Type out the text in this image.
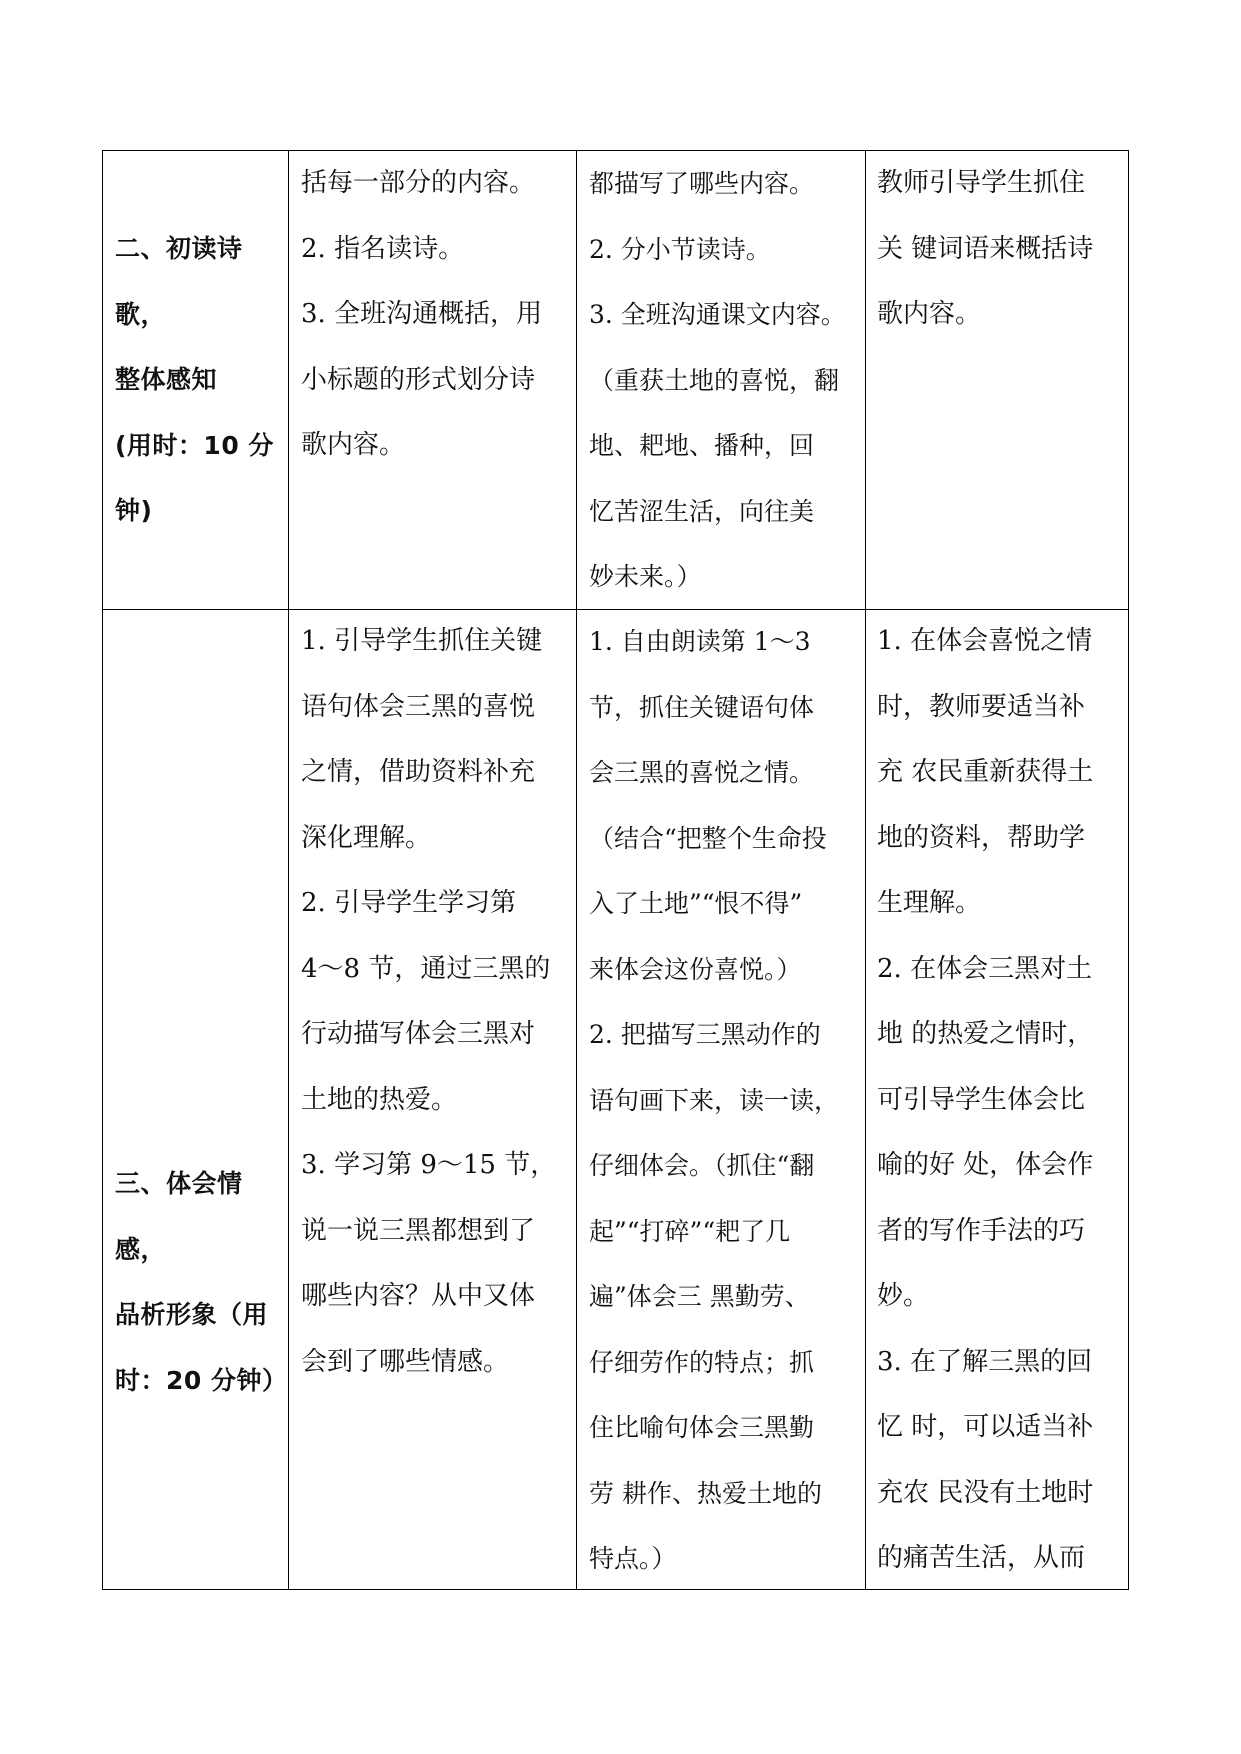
二、初读诗歌，

整体感知

(用时：10 分

钟)

括每一部分的内容。

2. 指名读诗。

3. 全班沟通概括，用

小标题的形式划分诗

歌内容。

都描写了哪些内容。

2. 分小节读诗。

3. 全班沟通课文内容。

（重获土地的喜悦，翻

地、耙地、播种，回

忆苦涩生活，向往美

妙未来。）

教师引导学生抓住

关 键词语来概括诗

歌内容。

三、体会情感，

品析形象（用

时：20 分钟）

1. 引导学生抓住关键

语句体会三黑的喜悦

之情，借助资料补充

深化理解。

2. 引导学生学习第

4～8 节，通过三黑的

行动描写体会三黑对

土地的热爱。

3. 学习第 9～15 节，

说一说三黑都想到了

哪些内容？从中又体

会到了哪些情感。

1. 自由朗读第 1～3

节，抓住关键语句体

会三黑的喜悦之情。

（结合“把整个生命投

入了土地”“恨不得”

来体会这份喜悦。）

2. 把描写三黑动作的

语句画下来，读一读，

仔细体会。（抓住“翻

起”“打碎”“耙了几

遍”体会三 黑勤劳、

仔细劳作的特点；抓

住比喻句体会三黑勤

劳 耕作、热爱土地的

特点。）

1. 在体会喜悦之情

时，教师要适当补

充 农民重新获得土

地的资料，帮助学

生理解。

2. 在体会三黑对土

地 的热爱之情时，

可引导学生体会比

喻的好 处，体会作

者的写作手法的巧

妙。

3. 在了解三黑的回

忆 时，可以适当补

充农 民没有土地时

的痛苦生活，从而
